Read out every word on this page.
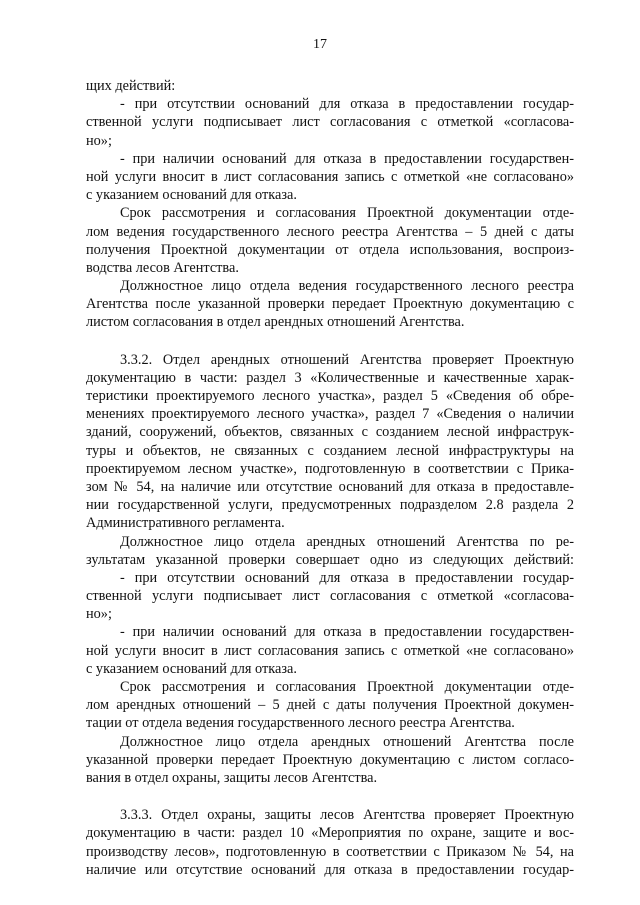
17
щих действий:
- при отсутствии оснований для отказа в предоставлении государ-
ственной услуги подписывает лист согласования с отметкой «согласова-
но»;
- при наличии оснований для отказа в предоставлении государствен-
ной услуги вносит в лист согласования запись с отметкой «не согласовано»
с указанием оснований для отказа.
Срок рассмотрения и согласования Проектной документации отде-
лом ведения государственного лесного реестра Агентства – 5 дней с даты
получения Проектной документации от отдела использования, воспроиз-
водства лесов Агентства.
Должностное лицо отдела ведения государственного лесного реестра
Агентства после указанной проверки передает Проектную документацию с
листом согласования в отдел арендных отношений Агентства.
3.3.2. Отдел арендных отношений Агентства проверяет Проектную
документацию в части: раздел 3 «Количественные и качественные харак-
теристики проектируемого лесного участка», раздел 5 «Сведения об обре-
менениях проектируемого лесного участка», раздел 7 «Сведения о наличии
зданий, сооружений, объектов, связанных с созданием лесной инфраструк-
туры и объектов, не связанных с созданием лесной инфраструктуры на
проектируемом лесном участке», подготовленную в соответствии с Прика-
зом № 54, на наличие или отсутствие оснований для отказа в предоставле-
нии государственной услуги, предусмотренных подразделом 2.8 раздела 2
Административного регламента.
Должностное лицо отдела арендных отношений Агентства по ре-
зультатам указанной проверки совершает одно из следующих действий:
- при отсутствии оснований для отказа в предоставлении государ-
ственной услуги подписывает лист согласования с отметкой «согласова-
но»;
- при наличии оснований для отказа в предоставлении государствен-
ной услуги вносит в лист согласования запись с отметкой «не согласовано»
с указанием оснований для отказа.
Срок рассмотрения и согласования Проектной документации отде-
лом арендных отношений – 5 дней с даты получения Проектной докумен-
тации от отдела ведения государственного лесного реестра Агентства.
Должностное лицо отдела арендных отношений Агентства после
указанной проверки передает Проектную документацию с листом согласо-
вания в отдел охраны, защиты лесов Агентства.
3.3.3. Отдел охраны, защиты лесов Агентства проверяет Проектную
документацию в части: раздел 10 «Мероприятия по охране, защите и вос-
производству лесов», подготовленную в соответствии с Приказом № 54, на
наличие или отсутствие оснований для отказа в предоставлении государ-
